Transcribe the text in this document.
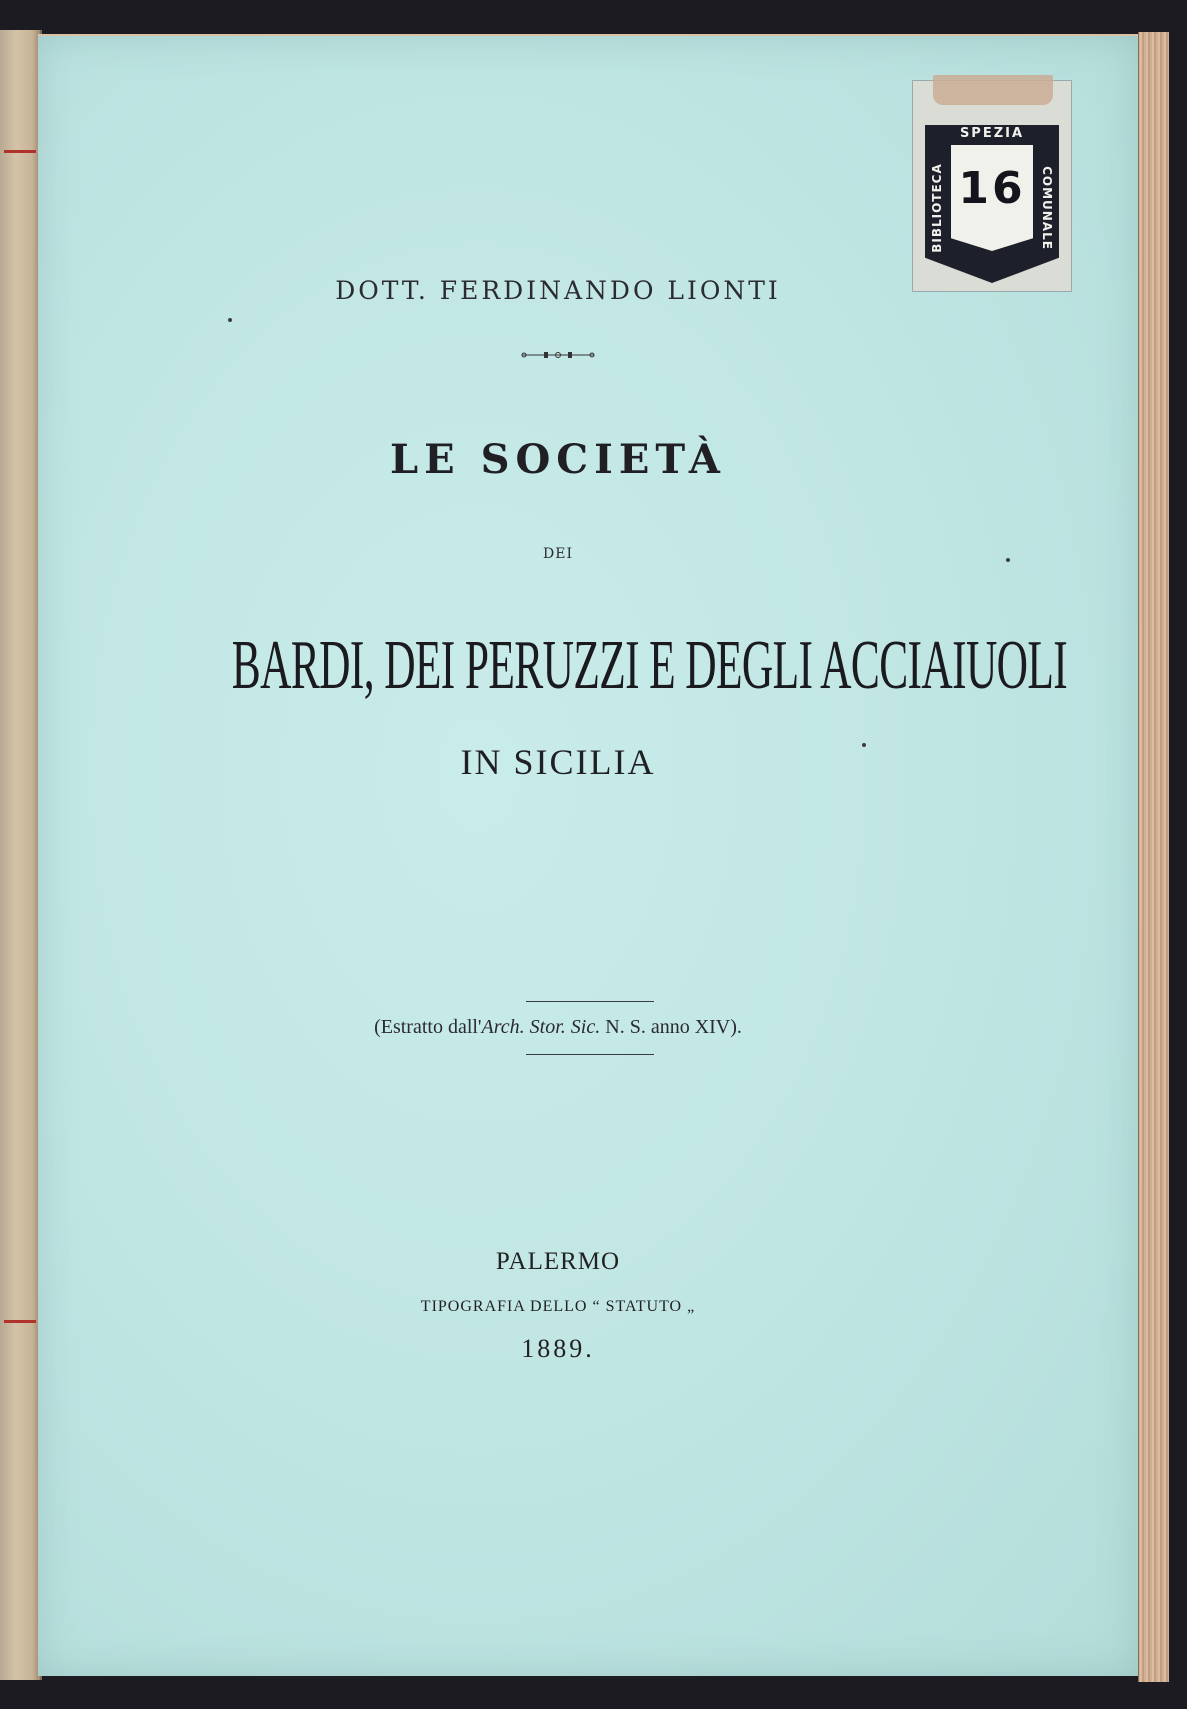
DOTT. FERDINANDO LIONTI
LE SOCIETÀ
DEI
BARDI, DEI PERUZZI E DEGLI ACCIAIUOLI
IN SICILIA
(Estratto dall'Arch. Stor. Sic. N. S. anno XIV).
PALERMO
TIPOGRAFIA DELLO “ STATUTO „
1889.
SPEZIA
BIBLIOTECA	COMUNALE
16
